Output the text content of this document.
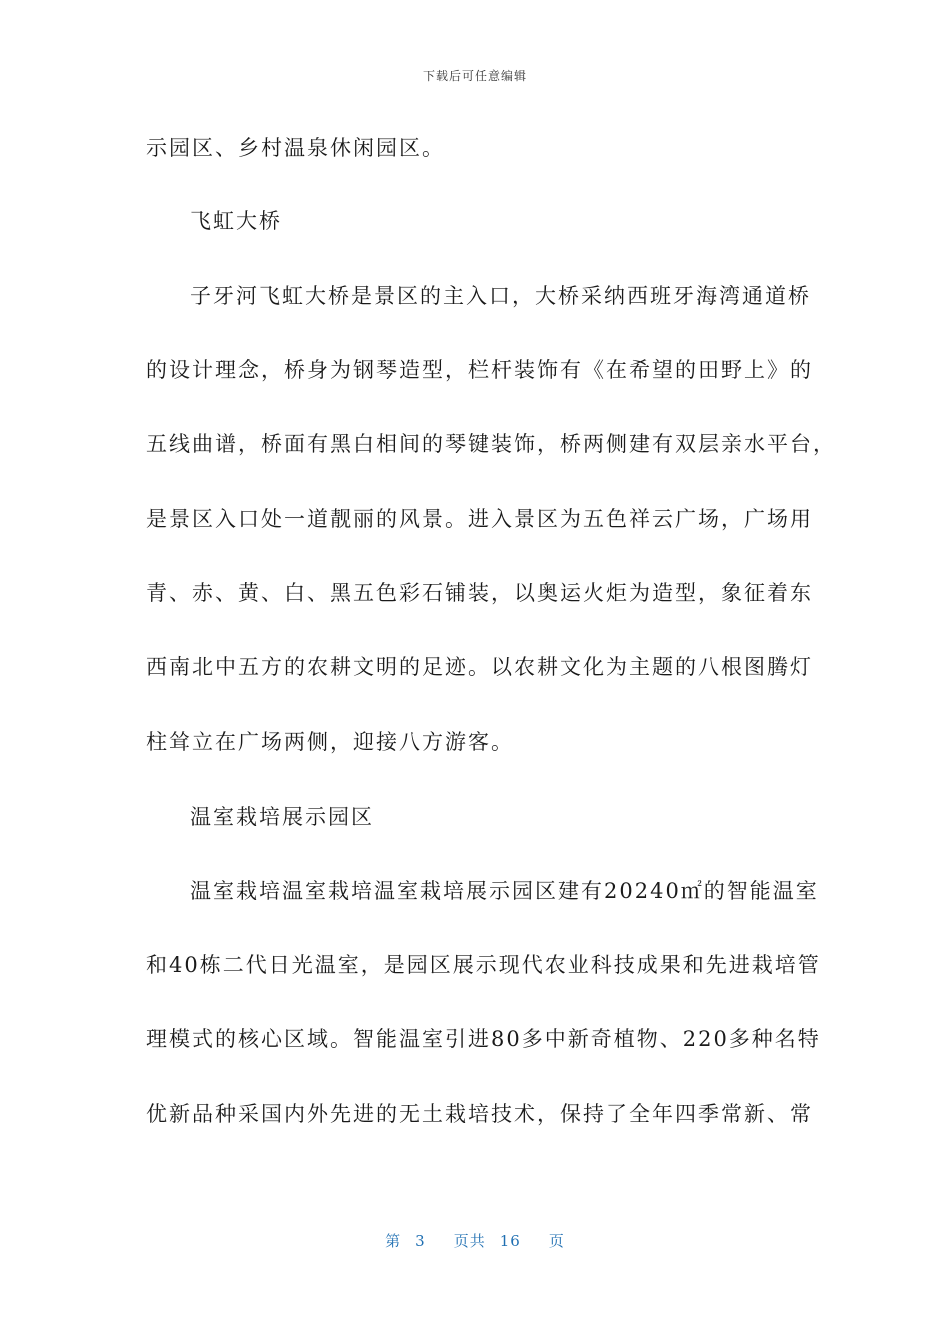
下载后可任意编辑
示园区、乡村温泉休闲园区。
飞虹大桥
子牙河飞虹大桥是景区的主入口，大桥采纳西班牙海湾通道桥
的设计理念，桥身为钢琴造型，栏杆装饰有《在希望的田野上》的
五线曲谱，桥面有黑白相间的琴键装饰，桥两侧建有双层亲水平台，
是景区入口处一道靓丽的风景。进入景区为五色祥云广场，广场用
青、赤、黄、白、黑五色彩石铺装，以奥运火炬为造型，象征着东
西南北中五方的农耕文明的足迹。以农耕文化为主题的八根图腾灯
柱耸立在广场两侧，迎接八方游客。
温室栽培展示园区
温室栽培温室栽培温室栽培展示园区建有20240㎡的智能温室
和40栋二代日光温室，是园区展示现代农业科技成果和先进栽培管
理模式的核心区域。智能温室引进80多中新奇植物、220多种名特
优新品种采国内外先进的无土栽培技术，保持了全年四季常新、常
第 3 页共 16 页
